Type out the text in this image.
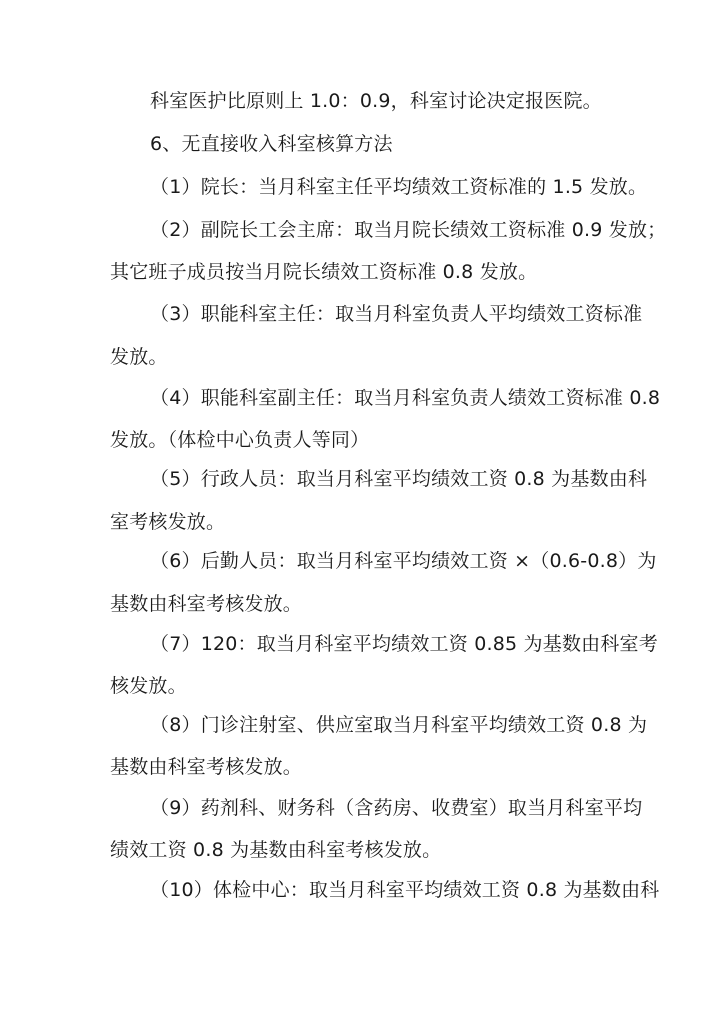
科室医护比原则上 1.0：0.9，科室讨论决定报医院。
6、无直接收入科室核算方法
（1）院长：当月科室主任平均绩效工资标准的 1.5 发放。
（2）副院长工会主席：取当月院长绩效工资标准 0.9 发放；
其它班子成员按当月院长绩效工资标准 0.8 发放。
（3）职能科室主任：取当月科室负责人平均绩效工资标准
发放。
（4）职能科室副主任：取当月科室负责人绩效工资标准 0.8
发放。（体检中心负责人等同）
（5）行政人员：取当月科室平均绩效工资 0.8 为基数由科
室考核发放。
（6）后勤人员：取当月科室平均绩效工资 ×（0.6-0.8）为
基数由科室考核发放。
（7）120：取当月科室平均绩效工资 0.85 为基数由科室考
核发放。
（8）门诊注射室、供应室取当月科室平均绩效工资 0.8 为
基数由科室考核发放。
（9）药剂科、财务科（含药房、收费室）取当月科室平均
绩效工资 0.8 为基数由科室考核发放。
（10）体检中心：取当月科室平均绩效工资 0.8 为基数由科
